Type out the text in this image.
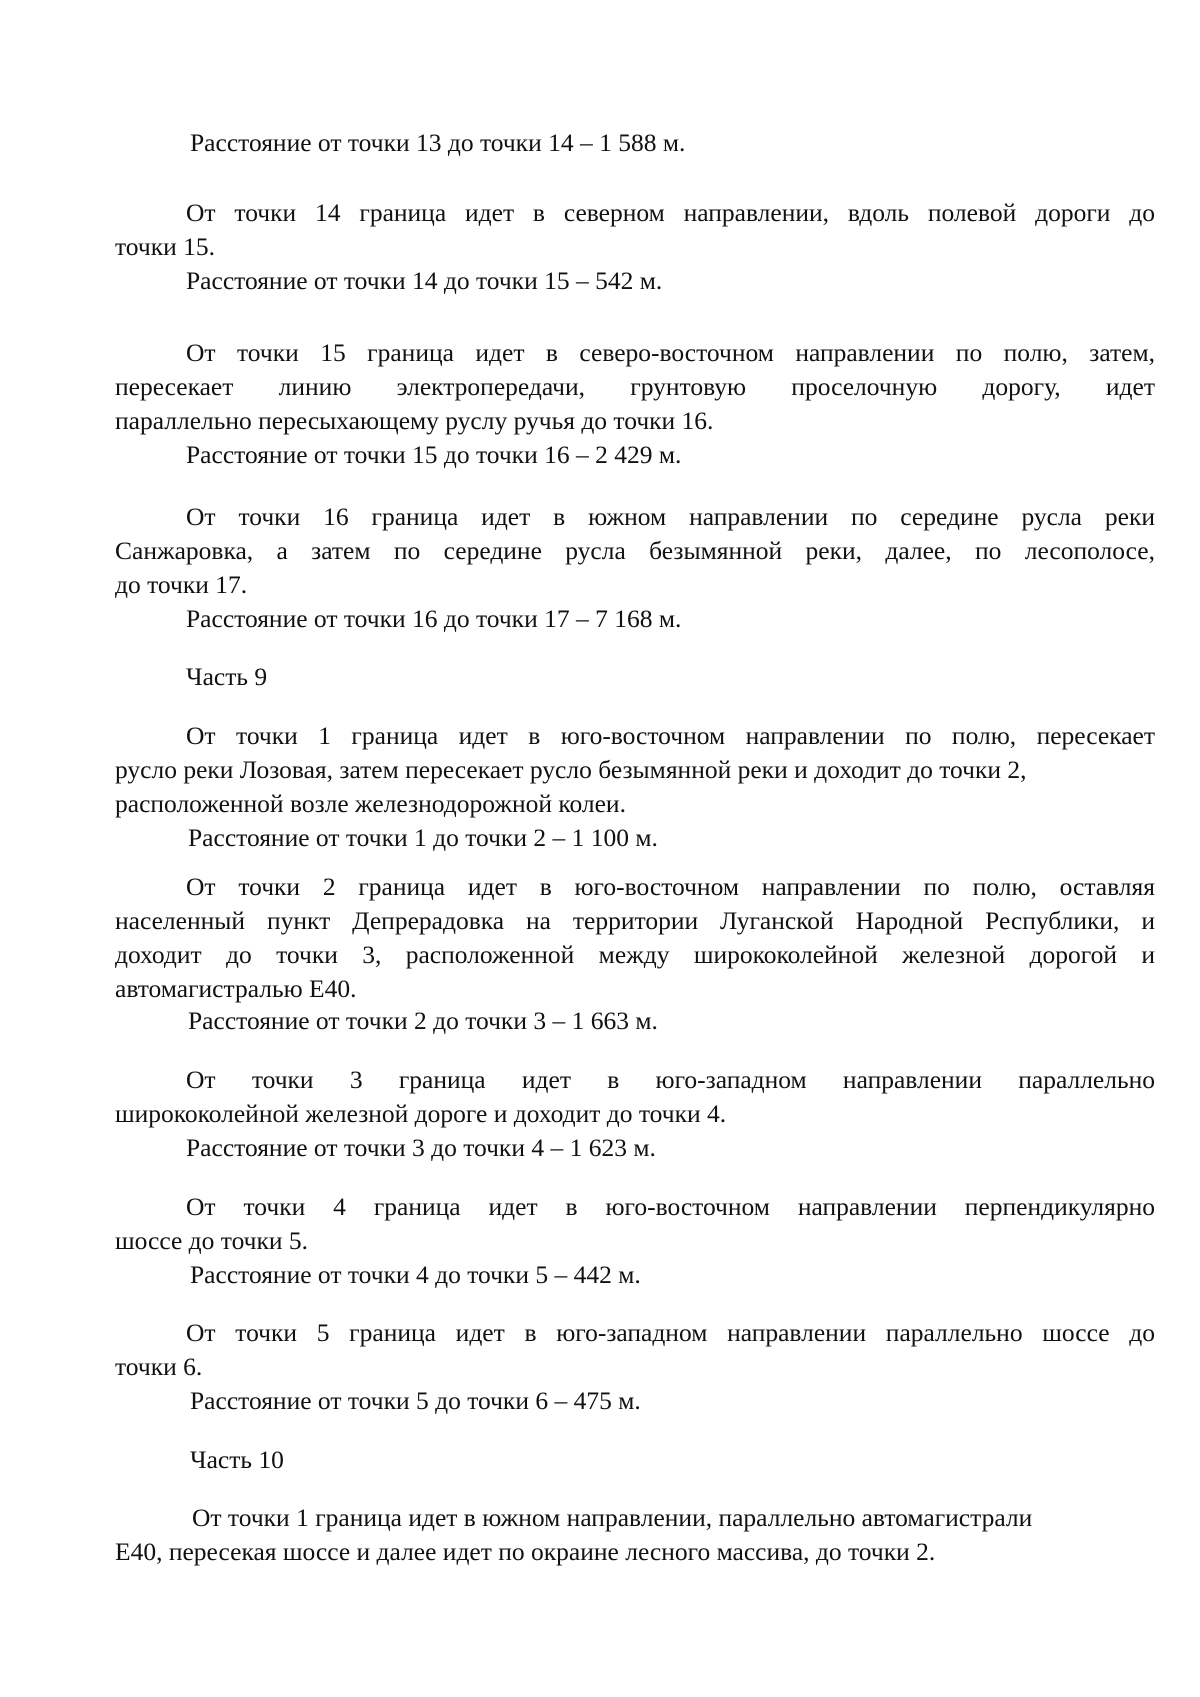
Расстояние от точки 13 до точки 14 – 1 588 м.

От точки 14 граница идет в северном направлении, вдоль полевой дороги до

точки 15.

Расстояние от точки 14 до точки 15 – 542 м.

От точки 15 граница идет в северо-восточном направлении по полю, затем,

пересекает линию электропередачи, грунтовую проселочную дорогу, идет

параллельно пересыхающему руслу ручья до точки 16.

Расстояние от точки 15 до точки 16 – 2 429 м.

От точки 16 граница идет в южном направлении по середине русла реки

Санжаровка, а затем по середине русла безымянной реки, далее, по лесополосе,

до точки 17.

Расстояние от точки 16 до точки 17 – 7 168 м.

Часть 9

От точки 1 граница идет в юго-восточном направлении по полю, пересекает

русло реки Лозовая, затем пересекает русло безымянной реки и доходит до точки 2,

расположенной возле железнодорожной колеи.

Расстояние от точки 1 до точки 2 – 1 100 м.

От точки 2 граница идет в юго-восточном направлении по полю, оставляя

населенный пункт Депрерадовка на территории Луганской Народной Республики, и

доходит до точки 3, расположенной между ширококолейной железной дорогой и

автомагистралью Е40.

Расстояние от точки 2 до точки 3 – 1 663 м.

От точки 3 граница идет в юго-западном направлении параллельно

ширококолейной железной дороге и доходит до точки 4.

Расстояние от точки 3 до точки 4 – 1 623 м.

От точки 4 граница идет в юго-восточном направлении перпендикулярно

шоссе до точки 5.

Расстояние от точки 4 до точки 5 – 442 м.

От точки 5 граница идет в юго-западном направлении параллельно шоссе до

точки 6.

Расстояние от точки 5 до точки 6 – 475 м.

Часть 10

От точки 1 граница идет в южном направлении, параллельно автомагистрали

Е40, пересекая шоссе и далее идет по окраине лесного массива, до точки 2.
